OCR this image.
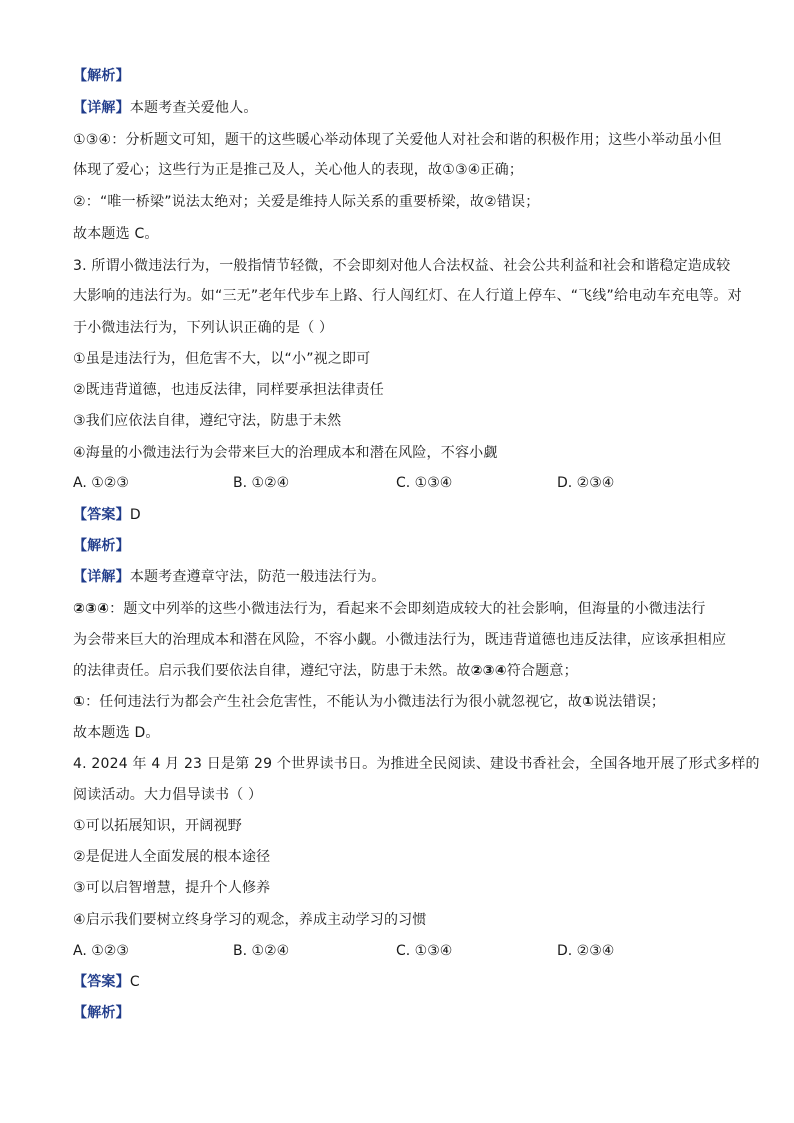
【解析】
【详解】本题考查关爱他人。
①③④：分析题文可知，题干的这些暖心举动体现了关爱他人对社会和谐的积极作用；这些小举动虽小但
体现了爱心；这些行为正是推己及人，关心他人的表现，故①③④正确；
②：“唯一桥梁”说法太绝对；关爱是维持人际关系的重要桥梁，故②错误；
故本题选 C。
3. 所谓小微违法行为，一般指情节轻微，不会即刻对他人合法权益、社会公共利益和社会和谐稳定造成较
大影响的违法行为。如“三无”老年代步车上路、行人闯红灯、在人行道上停车、“飞线”给电动车充电等。对
于小微违法行为，下列认识正确的是（ ）
①虽是违法行为，但危害不大，以“小”视之即可
②既违背道德，也违反法律，同样要承担法律责任
③我们应依法自律，遵纪守法，防患于未然
④海量的小微违法行为会带来巨大的治理成本和潜在风险，不容小觑
A. ①②③	B. ①②④	C. ①③④	D. ②③④
【答案】D
【解析】
【详解】本题考查遵章守法，防范一般违法行为。
②③④：题文中列举的这些小微违法行为，看起来不会即刻造成较大的社会影响，但海量的小微违法行
为会带来巨大的治理成本和潜在风险，不容小觑。小微违法行为，既违背道德也违反法律，应该承担相应
的法律责任。启示我们要依法自律，遵纪守法，防患于未然。故②③④符合题意；
①：任何违法行为都会产生社会危害性，不能认为小微违法行为很小就忽视它，故①说法错误；
故本题选 D。
4. 2024 年 4 月 23 日是第 29 个世界读书日。为推进全民阅读、建设书香社会，全国各地开展了形式多样的
阅读活动。大力倡导读书（ ）
①可以拓展知识，开阔视野
②是促进人全面发展的根本途径
③可以启智增慧，提升个人修养
④启示我们要树立终身学习的观念，养成主动学习的习惯
A. ①②③	B. ①②④	C. ①③④	D. ②③④
【答案】C
【解析】
